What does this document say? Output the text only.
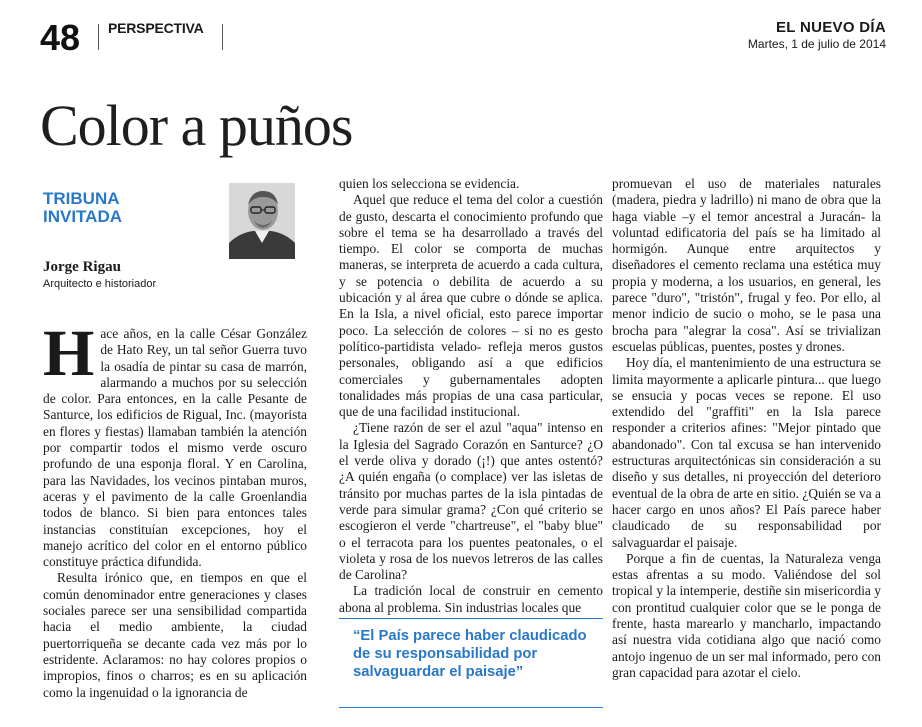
48 PERSPECTIVA	EL NUEVO DÍA
Martes, 1 de julio de 2014
Color a puños
TRIBUNA INVITADA
Jorge Rigau
Arquitecto e historiador

Hace años, en la calle César González de Hato Rey, un tal señor Guerra tuvo la osadía de pintar su casa de marrón, alarmando a muchos por su selección de color. Para entonces, en la calle Pesante de Santurce, los edificios de Rigual, Inc. (mayorista en flores y fiestas) llamaban también la atención por compartir todos el mismo verde oscuro profundo de una esponja floral. Y en Carolina, para las Navidades, los vecinos pintaban muros, aceras y el pavimento de la calle Groenlandia todos de blanco. Si bien para entonces tales instancias constituían excepciones, hoy el manejo acrítico del color en el entorno público constituye práctica difundida.

Resulta irónico que, en tiempos en que el común denominador entre generaciones y clases sociales parece ser una sensibilidad compartida hacia el medio ambiente, la ciudad puertorriqueña se decante cada vez más por lo estridente. Aclaramos: no hay colores propios o impropios, finos o charros; es en su aplicación como la ingenuidad o la ignorancia de

quien los selecciona se evidencia.

Aquel que reduce el tema del color a cuestión de gusto, descarta el conocimiento profundo que sobre el tema se ha desarrollado a través del tiempo. El color se comporta de muchas maneras, se interpreta de acuerdo a cada cultura, y se potencia o debilita de acuerdo a su ubicación y al área que cubre o dónde se aplica. En la Isla, a nivel oficial, esto parece importar poco. La selección de colores – si no es gesto político-partidista velado- refleja meros gustos personales, obligando así a que edificios comerciales y gubernamentales adopten tonalidades más propias de una casa particular, que de una facilidad institucional.

¿Tiene razón de ser el azul "aqua" intenso en la Iglesia del Sagrado Corazón en Santurce? ¿O el verde oliva y dorado (¡!) que antes ostentó? ¿A quién engaña (o complace) ver las isletas de tránsito por muchas partes de la isla pintadas de verde para simular grama? ¿Con qué criterio se escogieron el verde "chartreuse", el "baby blue" o el terracota para los puentes peatonales, o el violeta y rosa de los nuevos letreros de las calles de Carolina?

La tradición local de construir en cemento abona al problema. Sin industrias locales que

“El País parece haber claudicado de su responsabilidad por salvaguardar el paisaje”

promuevan el uso de materiales naturales (madera, piedra y ladrillo) ni mano de obra que la haga viable –y el temor ancestral a Juracán- la voluntad edificatoria del país se ha limitado al hormigón. Aunque entre arquitectos y diseñadores el cemento reclama una estética muy propia y moderna, a los usuarios, en general, les parece "duro", "tristón", frugal y feo. Por ello, al menor indicio de sucio o moho, se le pasa una brocha para "alegrar la cosa". Así se trivializan escuelas públicas, puentes, postes y drones.

Hoy día, el mantenimiento de una estructura se limita mayormente a aplicarle pintura... que luego se ensucia y pocas veces se repone. El uso extendido del "graffiti" en la Isla parece responder a criterios afines: "Mejor pintado que abandonado". Con tal excusa se han intervenido estructuras arquitectónicas sin consideración a su diseño y sus detalles, ni proyección del deterioro eventual de la obra de arte en sitio. ¿Quién se va a hacer cargo en unos años? El País parece haber claudicado de su responsabilidad por salvaguardar el paisaje.

Porque a fin de cuentas, la Naturaleza venga estas afrentas a su modo. Valiéndose del sol tropical y la intemperie, destiñe sin misericordia y con prontitud cualquier color que se le ponga de frente, hasta marearlo y mancharlo, impactando así nuestra vida cotidiana algo que nació como antojo ingenuo de un ser mal informado, pero con gran capacidad para azotar el cielo.
